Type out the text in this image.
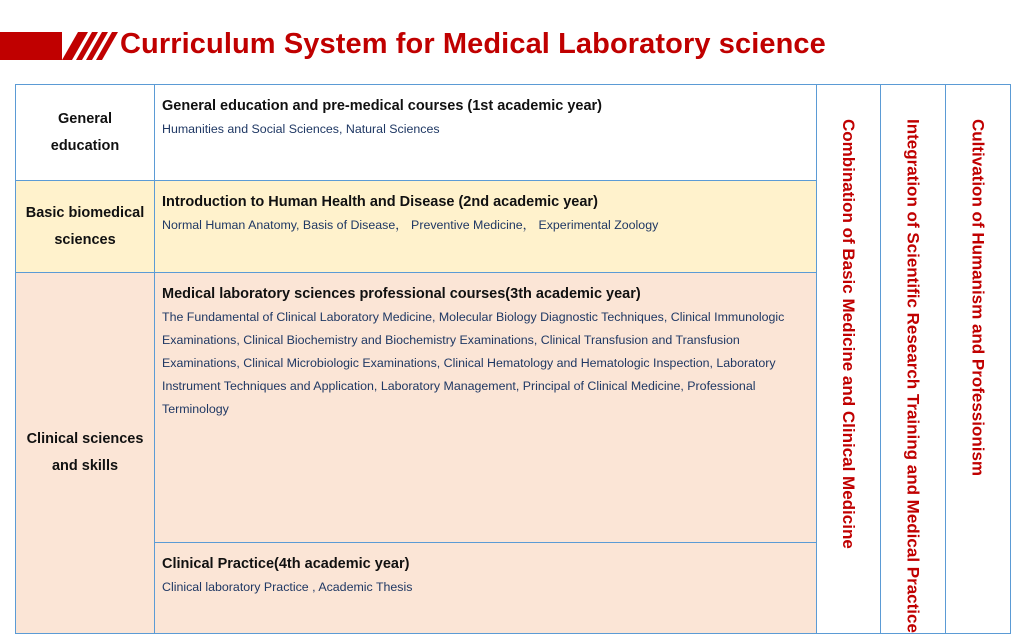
Curriculum System for Medical Laboratory science
General education	General education and pre-medical courses (1st academic year)
Humanities and Social Sciences, Natural Sciences	Combination of Basic Medicine and Clinical Medicine	Integration of Scientific Research Training and Medical Practice	Cultivation of Humanism and Professionism

Basic biomedical sciences	Introduction to Human Health and Disease (2nd academic year)
Normal Human Anatomy, Basis of Disease， Preventive Medicine， Experimental Zoology			

Clinical sciences and skills	Medical laboratory sciences professional courses(3th academic year)
The Fundamental of Clinical Laboratory Medicine, Molecular Biology Diagnostic Techniques, Clinical Immunologic Examinations, Clinical Biochemistry and Biochemistry Examinations, Clinical Transfusion and Transfusion Examinations, Clinical Microbiologic Examinations, Clinical Hematology and Hematologic Inspection, Laboratory Instrument Techniques and Application, Laboratory Management, Principal of Clinical Medicine, Professional Terminology			

	Clinical Practice(4th academic year)
Clinical laboratory Practice , Academic Thesis			
